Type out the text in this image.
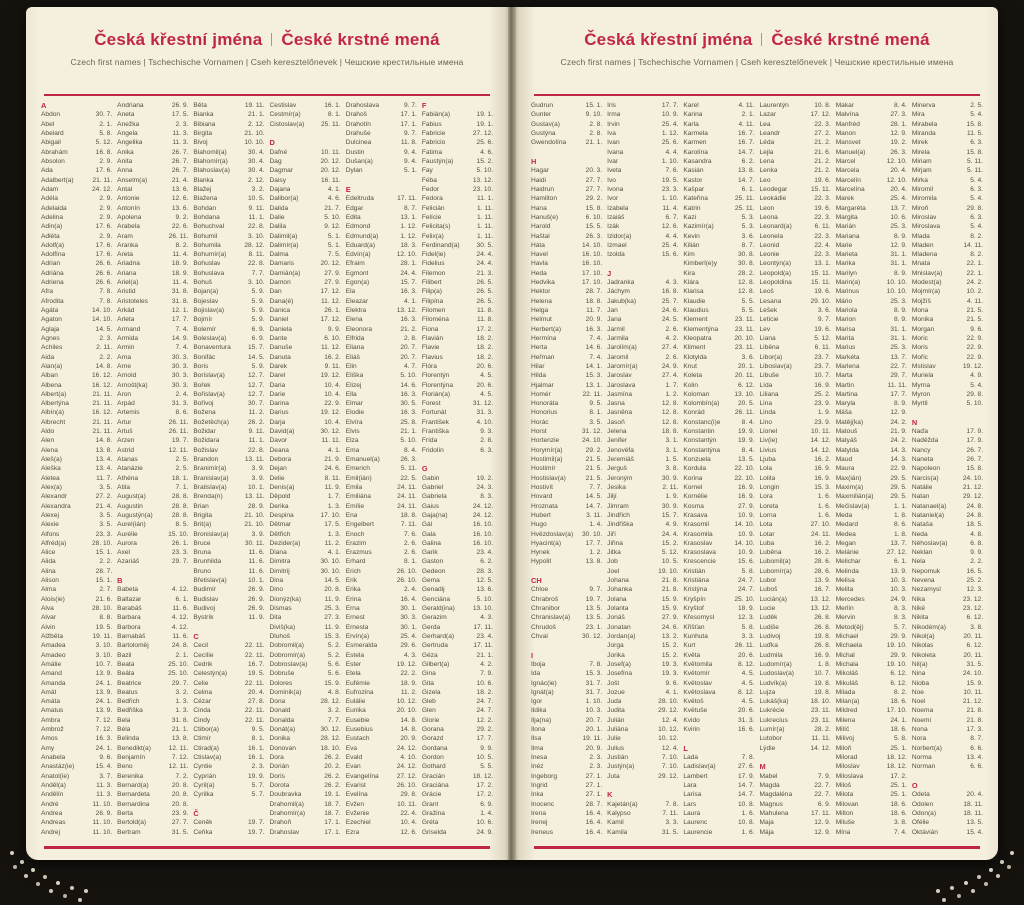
Česká křestní jména České krstné mená
Czech first names | Tschechische Vornamen | Cseh keresztelőnevek | Чешские крестильные имена
A
Abdon	30. 7.
Ábel	2. 1.
Abelard	5. 8.
Abigail	5. 12.
Abrahám	16. 8.
Absolon	2. 9.
Ada	17. 6.
Adalbert(a)	21. 11.
Adam	24. 12.
Adéla	2. 9.
Adelaida	2. 9.
Adelina	2. 9.
Adin(a)	17. 6.
Adléta	2. 9.
Adolf(a)	17. 6.
Adolfína	17. 6.
Adrian	26. 6.
Adriána	26. 6.
Adriena	26. 6.
Afra	7. 8.
Afrodita	7. 8.
Agáta	14. 10.
Agaton	14. 10.
Aglaja	14. 5.
Agnes	2. 3.
Achiles	2. 11.
Aida	2. 2.
Alan(a)	14. 8.
Alban	16. 12.
Albena	16. 12.
Albert(a)	21. 11.
Albertýna	21. 11.
Albín(a)	16. 12.
Albrecht	21. 11.
Aldo	21. 11.
Alen	14. 8.
Alena	13. 8.
Aleš(a)	13. 4.
Aleška	13. 4.
Aletea	11. 7.
Alex(a)	3. 5.
Alexandr	27. 2.
Alexandra	21. 4.
Alexej	3. 5.
Alexie	3. 5.
Alfons	23. 3.
Alfréd(a)	28. 10.
Alice	15. 1.
Alida	2. 2.
Alina	28. 7.
Alison	15. 1.
Alma	2. 7.
Alois(ie)	21. 6.
Alva	28. 10.
Alvar	8. 8.
Alvin	19. 5.
Alžběta	19. 11.
Amadea	3. 10.
Amadeo	3. 10.
Amálie	10. 7.
Amand	13. 9.
Amanda	24. 1.
Amát	13. 9.
Amáta	24. 1.
Amatus	13. 9.
Ambra	7. 12.
Ambrož	7. 12.
Ámos	16. 3.
Amy	24. 1.
Anabela	9. 6.
Anastáz(ie)	15. 4.
Anatol(ie)	3. 7.
Anděl(a)	11. 3.
Andělín	11. 3.
André	11. 10.
Andrea	26. 9.
Andreas	11. 10.
Andrej	11. 10.
Andriana	26. 9.
Aneta	17. 5.
Anežka	2. 3.
Angela	11. 3.
Angelika	11. 3.
Anika	26. 7.
Anita	26. 7.
Anna	26. 7.
Anselm(a)	21. 4.
Antal	13. 6.
Antonie	12. 6.
Antonín	13. 6.
Apolena	9. 2.
Arabela	22. 6.
Aram	26. 11.
Aranka	8. 2.
Areta	11. 4.
Ariadna	18. 9.
Ariana	18. 9.
Ariel(a)	11. 4.
Aristid	31. 8.
Aristoteles	31. 8.
Arkád	12. 1.
Arleta	17. 7.
Armand	7. 4.
Armida	14. 9.
Armin	7. 4.
Arna	30. 3.
Arne	30. 3.
Arnold	30. 3.
Arnošt(ka)	30. 3.
Áron	2. 4.
Arpád	31. 3.
Artemis	8. 6.
Artur	26. 11.
Artuš	26. 11.
Arzen	19. 7.
Astrid	12. 11.
Atanas	2. 5.
Atanázie	2. 5.
Athéna	18. 1.
Atila	7. 1.
August(a)	28. 8.
Augustin	28. 8.
Augustýn(a)	28. 8.
Aurel(ián)	8. 5.
Aurélie	15. 10.
Aurora	26. 1.
Axel	23. 3.
Azariáš	29. 7.
B
Babeta	4. 12.
Baltazar	6. 1.
Barabáš	11. 6.
Barbara	4. 12.
Barbora	4. 12.
Barnabáš	11. 6.
Bartoloměj	24. 8.
Bazil	2. 1.
Beata	25. 10.
Beáta	25. 10.
Beatrice	29. 7.
Beatus	3. 2.
Bedřich	1. 3.
Bedřiška	1. 3.
Bela	31. 8.
Béla	21. 1.
Belinda	13. 8.
Benedikt(a)	12. 11.
Benjamín	7. 12.
Beno	12. 11.
Berenika	7. 2.
Bernard(a)	20. 8.
Bernardeta	20. 8.
Bernardina	20. 8.
Berta	23. 9.
Bertold(a)	27. 7.
Bertram	31. 5.
Běta	19. 11.
Bianka	21. 1.
Bibiana	2. 12.
Birgita	21. 10.
Bivoj	10. 10.
Blahomil(a)	30. 4.
Blahomír(a)	30. 4.
Blahoslav(a)	30. 4.
Blanka	2. 12.
Blažej	3. 2.
Blažena	10. 5.
Bohdan	9. 11.
Bohdana	11. 1.
Bohuchval	22. 8.
Bohumil	3. 10.
Bohumila	28. 12.
Bohumír(a)	8. 11.
Bohuslav	22. 8.
Bohuslava	7. 7.
Bohuš	3. 10.
Bojan(a)	5. 9.
Bojeslav	5. 9.
Bojislav(a)	5. 9.
Bojmír	5. 9.
Bolemír	6. 9.
Boleslav(a)	6. 9.
Bonaventura	15. 7.
Bonifác	14. 5.
Boris	5. 9.
Borislav(a)	12. 7.
Bořek	12. 7.
Bořislav(a)	12. 7.
Bořivoj	30. 7.
Božena	11. 2.
Božetěch(a)	26. 2.
Božidar	9. 11.
Božidara	11. 1.
Božislav	22. 8.
Brandon	13. 11.
Branimír(a)	3. 9.
Branislav(a)	3. 9.
Bratislav(a)	10. 1.
Brenda(n)	13. 11.
Brian	28. 9.
Brigita	21. 10.
Brit(a)	21. 10.
Bronislav(a)	3. 9.
Bruce	30. 11.
Bruna	11. 6.
Brunhilda	11. 6.
Bruno	11. 6.
Břetislav(a)	10. 1.
Budimír	26. 9.
Budislav	26. 9.
Budivoj	26. 9.
Bystrík	11. 9.
C
Cecil	22. 11.
Cecílie	22. 11.
Cedrik	16. 7.
Celestýn(a)	19. 5.
Celie	22. 11.
Celina	20. 4.
Cézar	27. 8.
Cinda	22. 11.
Cindy	22. 11.
Ctibor(a)	9. 5.
Ctimír	8. 1.
Ctirad(a)	16. 1.
Ctislav(a)	16. 1.
Cyntie	2. 3.
Cyprián	19. 9.
Cyril(a)	5. 7.
Cyrilka	5. 7.
Č
Čeněk	19. 7.
Čeňka	19. 7.
Čestislav	16. 1.
Čestmír(a)	8. 1.
Čistoslav(a)	25. 11.
D
Dafné	10. 11.
Dag	20. 12.
Dagmar	20. 12.
Daisy	16. 11.
Dajana	4. 1.
Dalibor(a)	4. 6.
Dalida	21. 7.
Dalie	5. 10.
Dalila	9. 12.
Dalimil(a)	5. 1.
Dalimír(a)	5. 1.
Dalma	7. 5.
Damaris	20. 12.
Damián(a)	27. 9.
Damon	27. 9.
Dan	17. 12.
Dana(é)	11. 12.
Danica	26. 1.
Daniel	17. 12.
Daniela	9. 9.
Dante	6. 10.
Danuše	11. 12.
Danuta	16. 2.
Darek	9. 11.
Darel	19. 12.
Daria	10. 4.
Darie	10. 4.
Darina	22. 9.
Darius	19. 12.
Darja	10. 4.
David(a)	30. 12.
Davor	11. 11.
Deana	4. 1.
Debora	21. 9.
Dejan	24. 6.
Delie	8. 11.
Denis(a)	11. 9.
Děpold	1. 7.
Derika	1. 3.
Despina	17. 10.
Dětmar	17. 5.
Dětřich	1. 3.
Dezider(a)	11. 2.
Diana	4. 1.
Dimitra	30. 10.
Dimitrij	30. 10.
Dina	14. 5.
Dino	20. 8.
Dionýz(ka)	11. 9.
Dismas	25. 3.
Dita	27. 3.
Diviš(ka)	11. 9.
Dluhoš	15. 3.
Dobromil(a)	5. 2.
Dobromír(a)	5. 2.
Dobroslav(a)	5. 6.
Dobruše	5. 6.
Dolores	15. 9.
Dominik(a)	4. 8.
Dona	28. 12.
Donald	3. 2.
Donalda	7. 7.
Donát(a)	30. 12.
Donika	28. 12.
Donovan	18. 10.
Dora	26. 2.
Dorián	20. 2.
Doris	26. 2.
Dorota	26. 2.
Doubravka	19. 1.
Drahomil(a)	18. 7.
Drahomír(a)	18. 7.
Drahoň	17. 1.
Drahoslav	17. 1.
Drahoslava	9. 7.
Drahoš	17. 1.
Drahotín	17. 1.
Drahuše	9. 7.
Dulcinea	11. 8.
Dustin	9. 4.
Dušan(a)	9. 4.
Dylan	5. 1.
E
Edeltruda	17. 11.
Edgar	8. 7.
Edita	13. 1.
Edmond	1. 12.
Edmund(a)	1. 12.
Eduard(a)	18. 3.
Edvín(a)	12. 10.
Efraim	28. 1.
Egmont	24. 4.
Egon(a)	15. 7.
Ela	16. 3.
Eleazar	4. 1.
Elektra	13. 12.
Elena	16. 3.
Eleonora	21. 2.
Elfrida	2. 8.
Eliana	20. 7.
Eliáš	20. 7.
Elin	4. 7.
Eliška	5. 10.
Elizej	14. 6.
Ella	16. 3.
Elmar	30. 5.
Elodie	16. 3.
Elvíra	25. 8.
Elvis	21. 1.
Elza	5. 10.
Ema	8. 4.
Emanuel(a)	26. 3.
Emerich	5. 11.
Emil(ián)	22. 5.
Emila	24. 11.
Emiliána	24. 11.
Emílie	24. 11.
Ena	18. 8.
Engelbert	7. 11.
Enoch	7. 6.
Erazim	2. 6.
Erazmus	2. 6.
Erhard	8. 1.
Erich	26. 10.
Erik	26. 10.
Erika	2. 4.
Erina	16. 4.
Erna	30. 1.
Ernest	30. 3.
Ernesta	30. 1.
Ervín(a)	25. 4.
Esmeralda	29. 6.
Estela	4. 3.
Ester	19. 12.
Etela	22. 2.
Eufémie	18. 9.
Eufrozina	11. 2.
Eulálie	10. 12.
Eunika	20. 10.
Eusebie	14. 8.
Eusebius	14. 8.
Eustach	20. 9.
Eva	24. 12.
Evald	4. 10.
Evan	24. 12.
Evangelína	27. 12.
Evarist	26. 10.
Evelína	29. 8.
Evžen	10. 11.
Evženie	22. 4.
Ezechiel	10. 4.
Ezra	12. 6.
F
Fabián(a)	19. 1.
Fabius	19. 1.
Fabricie	27. 12.
Fabricio	25. 6.
Fatima	4. 6.
Faustýn(a)	15. 2.
Fay	5. 10.
Féba	13. 12.
Fedor	23. 10.
Fedora	11. 1.
Felicián	1. 11.
Felície	1. 11.
Felicita(s)	1. 11.
Felix(a)	1. 11.
Ferdinand(a)	30. 5.
Fidel(ie)	24. 4.
Fidelius	24. 4.
Filemon	21. 3.
Filibert	26. 5.
Filip(a)	26. 5.
Filipína	26. 5.
Filomen	11. 8.
Filoména	11. 8.
Fiona	17. 2.
Flavián	18. 2.
Flavie	18. 2.
Flavius	18. 2.
Flóra	20. 6.
Florentýn	4. 5.
Florentýna	20. 6.
Florián(a)	4. 5.
Forest	31. 12.
Fortunát	31. 3.
František	4. 10.
Františka	9. 3.
Frída	2. 8.
Fridolín	6. 3.
G
Gabin	19. 2.
Gabriel	24. 3.
Gabriela	8. 3.
Gaius	24. 12.
Gaja(na)	24. 12.
Gál	16. 10.
Gala	16. 10.
Galina	16. 10.
Garik	23. 4.
Gaston	6. 2.
Gedeon	28. 3.
Gema	12. 5.
Genadij	13. 6.
Genciána	5. 10.
Gerald(ina)	13. 10.
Gerazim	4. 3.
Gerda	17. 11.
Gerhard(a)	23. 4.
Gertruda	17. 11.
Géza	21. 1.
Gilbert(a)	4. 2.
Gina	7. 9.
Gita	10. 6.
Gizela	18. 2.
Gleb	24. 7.
Glen	24. 7.
Glorie	12. 2.
Gorana	29. 2.
Gorazd	17. 7.
Gordana	9. 9.
Gordon	10. 5.
Gothard	5. 5.
Gracián	18. 12.
Graciána	17. 2.
Grácie	17. 2.
Grant	6. 9.
Gražina	1. 4.
Gréta	10. 6.
Griselda	24. 9.
Česká křestní jména České krstné mená
Czech first names | Tschechische Vornamen | Cseh keresztelőnevek | Чешские крестильные имена
Gudrun	15. 1.
Gunter	9. 10.
Gustav(a)	2. 8.
Gustýna	2. 8.
Gwendolína	21. 1.
H
Hagar	20. 3.
Haidi	27. 7.
Haidrun	27. 7.
Hamilton	29. 2.
Hana	15. 8.
Hanuš(e)	6. 10.
Harold	15. 5.
Haštal	26. 3.
Háta	14. 10.
Havel	16. 10.
Havla	16. 10.
Heda	17. 10.
Hedvika	17. 10.
Hektor	28. 7.
Helena	18. 8.
Helga	11. 7.
Helmut	20. 9.
Herbert(a)	16. 3.
Hermína	7. 4.
Herta	14. 6.
Heřman	7. 4.
Hilar	14. 1.
Hilda	15. 3.
Hjalmar	13. 1.
Homér	22. 11.
Honoráta	9. 5.
Honorius	8. 1.
Horác	3. 5.
Horst	31. 12.
Hortenzie	24. 10.
Horymír(a)	29. 2.
Hostimil(a)	21. 5.
Hostimír	21. 5.
Hostislav(a)	21. 5.
Hostivít	7. 7.
Hovard	14. 5.
Hroznata	14. 7.
Hubert	3. 11.
Hugo	1. 4.
Hvězdoslav(a) 30. 10.
Hyacint(a)	17. 7.
Hynek	1. 2.
Hypolit	13. 8.
CH
Chloe	9. 7.
Chrabroš	19. 7.
Chranibor	13. 5.
Chranislav(a) 13. 5.
Chrudoš	23. 1.
Chval	30. 12.
I
Iboja	7. 8.
Ida	15. 3.
Ignác(ie)	31. 7.
Ignát(a)	31. 7.
Igor	1. 10.
Ildika	10. 3.
Ilja(na)	20. 7.
Ilona	20. 1.
Ilsa	19. 11.
Ilma	20. 9.
Inesa	2. 3.
Inéz	2. 3.
Ingeborg	27. 1.
Ingrid	27. 1.
Inka	27. 1.
Inocenc	28. 7.
Irena	16. 4.
Irenej	16. 4.
Ireneus	16. 4.
Iris	17. 7.
Irma	10. 9.
Irvin	25. 4.
Iva	1. 12.
Ivan	25. 6.
Ivana	4. 4.
Ivar	1. 10.
Iveta	7. 6.
Ivo	19. 5.
Ivona	23. 3.
Ivor	1. 10.
Izabela	11. 4.
Izaiáš	6. 7.
Izák	12. 6.
Izidor(a)	4. 4.
Izmael	25. 4.
Izolda	15. 6.
J
Jadranka	4. 3.
Jáchym	16. 8.
Jakub(ka)	25. 7.
Jan	24. 6.
Jana	24. 5.
Jarmil	2. 6.
Jarmila	4. 2.
Jarolím(a)	27. 4.
Jaromil	2. 6.
Jaromír(a)	24. 9.
Jaroslav	27. 4.
Jaroslava	1. 7.
Jasmína	1. 2.
Jasna	12. 8.
Jasněna	12. 8.
Jasoň	12. 8.
Jelena	18. 8.
Jenifer	3. 1.
Jenovéfa	3. 1.
Jeremiáš	1. 5.
Jerguš	3. 8.
Jeroným	30. 9.
Jesika	2. 11.
Jiljí	1. 9.
Jimram	30. 9.
Jindřich	15. 7.
Jindřiška	4. 9.
Jiří	24. 4.
Jiřina	15. 2.
Jitka	5. 12.
Job	10. 5.
Joel	19. 10.
Johana	21. 8.
Johanka	21. 8.
Jolana	15. 9.
Jolanta	15. 9.
Jonáš	27. 9.
Jonatan	24. 6.
Jordan(a)	13. 2.
Jorga	15. 2.
Jorika	15. 2.
Josef(a)	19. 3.
Josefína	19. 3.
Jošt	9. 6.
Jozue	4. 1.
Juda	28. 10.
Judita	29. 12.
Julián	12. 4.
Juliána	10. 12.
Julie	10. 12.
Julius	12. 4.
Justián	7. 10.
Justýn(a)	7. 10.
Juta	29. 12.
K
Kajetán(a)	7. 8.
Kalypso	7. 11.
Kamil	3. 3.
Kamila	31. 5.
Karel	4. 11.
Karina	2. 1.
Karla	4. 11.
Karmela	16. 7.
Karmen	16. 7.
Karolína	14. 7.
Kasandra	6. 2.
Kasián	13. 8.
Kastor	14. 7.
Kašpar	6. 1.
Kateřina	25. 11.
Katrin	25. 11.
Kazi	5. 3.
Kazimír(a)	5. 3.
Kevin	3. 6.
Kilián	8. 7.
Kim	30. 8.
Kimberl(e)y	30. 8.
Kira	28. 2.
Klára	12. 8.
Klarisa	12. 8.
Klaudie	5. 5.
Klaudius	5. 5.
Klement	23. 11.
Klementýna	23. 11.
Kleopatra	20. 10.
Kliment	23. 11.
Klotylda	3. 6.
Knut	20. 1.
Koleta	20. 11.
Kolin	6. 12.
Koloman	13. 10.
Kolombín(a)	20. 5.
Konrád	26. 11.
Konstanc(i)e	8. 4.
Konstantin	19. 9.
Konstantýn	19. 9.
Konstantýna	8. 4.
Konzuela	13. 5.
Kordula	22. 10.
Korina	22. 10.
Kornel	16. 9.
Kornélie	16. 9.
Kosma	27. 9.
Krasava	10. 9.
Krasomil	14. 10.
Krasomila	10. 9.
Krasoslav	14. 10.
Krasoslava	10. 9.
Krescencie	15. 6.
Kristián	5. 8.
Kristiána	24. 7.
Kristýna	24. 7.
Kryšpín	25. 10.
Kryštof	18. 9.
Křesomysl	12. 3.
Křišťan	5. 8.
Kunhuta	3. 3.
Kurt	26. 11.
Květa	20. 6.
Květomila	8. 12.
Květomír	4. 5.
Květoslav	4. 5.
Květoslava	8. 12.
Květoš	4. 5.
Květuše	20. 6.
Kvido	31. 3.
Kvirin	16. 6.
L
Lada	7. 8.
Ladislav(a)	27. 6.
Lambert	17. 9.
Lara	14. 7.
Larisa	14. 7.
Lars	10. 8.
Laura	1. 6.
Laurenc	10. 8.
Laurencie	1. 6.
Laurentýn	10. 8.
Lazar	17. 12.
Lea	22. 3.
Leandr	27. 2.
Léda	21. 2.
Lejla	21. 6.
Lena	21. 2.
Lenka	21. 2.
Leo	19. 6.
Leodegar	15. 11.
Leokádie	22. 3.
Leon	19. 6.
Leona	22. 3.
Leonard(a)	6. 11.
Leonela	22. 3.
Leonid	22. 4.
Leonie	22. 3.
Leontýn(a)	13. 1.
Leopold(a)	15. 11.
Leopoldina	15. 11.
Leoš	19. 6.
Lesana	29. 10.
Lešek	3. 6.
Leticie	9. 7.
Lev	19. 6.
Liana	5. 12.
Liběna	6. 11.
Libor(a)	23. 7.
Liboslav(a)	23. 7.
Libuše	10. 7.
Lída	16. 9.
Liliana	25. 2.
Lina	23. 9.
Linda	1. 9.
Lino	23. 9.
Lionel	10. 11.
Liv(ie)	14. 12.
Livius	14. 12.
Ljuba	16. 2.
Lola	16. 9.
Lolita	16. 9.
Longin	15. 3.
Lora	1. 6.
Loreta	1. 6.
Lorna	1. 6.
Lota	27. 10.
Lotar	24. 11.
Luba	16. 2.
Luběna	16. 2.
Lubomil(a)	28. 6.
Lubomír(a)	28. 6.
Lubor	13. 9.
Luboš	16. 7.
Lucián(a)	13. 12.
Lucie	13. 12.
Luděk	26. 8.
Ludiše	26. 8.
Ludivoj	19. 8.
Luďka	26. 8.
Ludmila	16. 9.
Ludomír(a)	1. 8.
Ludoslav(a)	10. 7.
Ludvík(a)	19. 8.
Lujza	19. 8.
Lukáš(ka)	18. 10.
Lukrécie	23. 11.
Lukrecius	23. 11.
Lumír(a)	28. 2.
Lutobor	11. 11.
Lýdie	14. 12.
M
Mabel	7. 9.
Magda	22. 7.
Magdaléna	22. 7.
Magnus	6. 9.
Mahulena	17. 11.
Maja	12. 9.
Mája	12. 9.
Makar	8. 4.
Malvína	27. 3.
Manfréd	28. 1.
Manon	12. 9.
Mansvet	19. 2.
Manuel(a)	26. 3.
Marcel	12. 10.
Marcela	20. 4.
Marcelín	12. 10.
Marcelína	20. 4.
Marek	25. 4.
Margaréta	13. 7.
Margita	10. 6.
Marián	25. 3.
Mariana	8. 9.
Marie	12. 9.
Marieta	31. 1.
Marika	31. 1.
Marilyn	8. 9.
Marin(a)	10. 10.
Marinus	10. 10.
Mário	25. 3.
Mariola	8. 9.
Marion	8. 9.
Marisa	31. 1.
Marita	31. 1.
Marius	25. 3.
Markéta	13. 7.
Marlena	22. 7.
Marta	29. 7.
Martin	11. 11.
Martina	17. 7.
Maryla	8. 9.
Máša	12. 9.
Matěj(ka)	24. 2.
Matouš	21. 9.
Matyáš	24. 2.
Matylda	14. 3.
Maud	14. 3.
Maura	22. 9.
Max(ián)	29. 5.
Maxim(a)	29. 5.
Maxmilián(a)	29. 5.
Mečislav(a)	1. 1.
Meda	1. 8.
Medard	8. 6.
Medea	1. 8.
Megan	13. 7.
Melánie	27. 12.
Melichar	6. 1.
Melinda	13. 9.
Melisa	10. 3.
Melita	10. 3.
Mercedes	24. 9.
Merlin	8. 3.
Mervin	8. 3.
Metod(ěj)	5. 7.
Michael	29. 9.
Michaela	19. 10.
Michal	29. 9.
Michala	19. 10.
Mikoláš	6. 12.
Mikuláš	6. 12.
Milada	8. 2.
Milan(a)	18. 6.
Mildred	17. 10.
Milena	24. 1.
Milíč	18. 6.
Milivoj	5. 8.
Miloň	25. 1.
Milorad	18. 12.
Miloslav	18. 12.
Miloslava	17. 2.
Miloš	25. 1.
Milota	25. 1.
Milovan	18. 6.
Milton	18. 6.
Miluše	3. 8.
Mína	7. 4.
Minerva	2. 5.
Mira	5. 4.
Mirabela	15. 8.
Miranda	11. 5.
Mirek	6. 3.
Mirela	15. 8.
Miriam	5. 11.
Mirjam	5. 11.
Mirka	5. 4.
Miromil	6. 3.
Miromila	5. 4.
Miroň	29. 8.
Miroslav	6. 3.
Miroslava	5. 4.
Mlada	8. 2.
Mladen	14. 11.
Mladena	8. 2.
Mnata	22. 1.
Mnislav(a)	22. 1.
Modest(a)	24. 2.
Mojmír(a)	10. 2.
Mojžíš	4. 11.
Mona	21. 5.
Monika	21. 5.
Morgan	9. 6.
Moric	22. 9.
Moris	22. 9.
Mořic	22. 9.
Mstislav	19. 12.
Muriela	4. 9.
Myrna	5. 4.
Myron	29. 8.
Myrtil	5. 10.
N
Naďa	17. 9.
Naděžda	17. 9.
Nancy	26. 7.
Naneta	26. 7.
Napoleon	15. 8.
Narcis(a)	24. 10.
Natálie	21. 12.
Natan	29. 12.
Natanael(a)	24. 8.
Nataniel(a)	24. 8.
Nataša	18. 5.
Neda	4. 8.
Něhoslav(a)	6. 8.
Neklan	9. 9.
Nela	2. 2.
Nepomuk	16. 5.
Nevena	25. 2.
Nezamysl	12. 3.
Nika	23. 12.
Niké	23. 12.
Nikita	6. 12.
Nikodém(a)	3. 8.
Nikol(a)	20. 11.
Nikolas	6. 12.
Nikoleta	20. 11.
Nil(a)	31. 5.
Nina	24. 10.
Nioba	15. 9.
Noe	10. 11.
Noel	21. 12.
Noema	21. 8.
Noemi	21. 8.
Nona	17. 3.
Nora	8. 7.
Norbert(a)	6. 6.
Norma	13. 4.
Norman	6. 6.
O
Odeta	20. 4.
Odolen	18. 11.
Odon(a)	18. 11.
Ofélie	13. 5.
Oktávián	15. 4.
